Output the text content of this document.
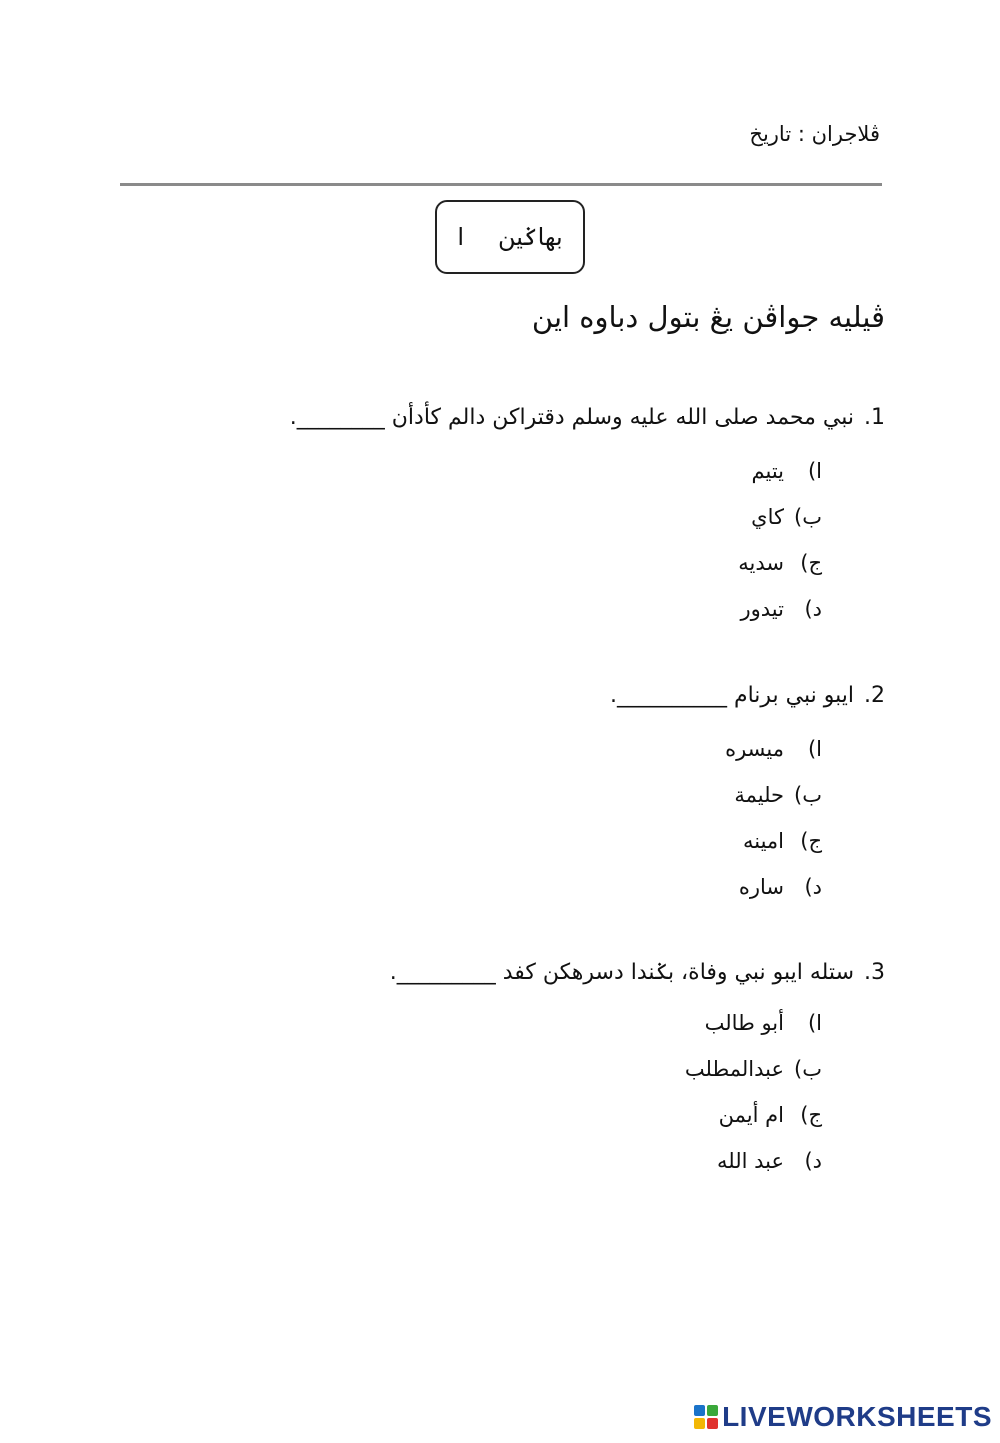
ڤلاجران : تاريخ
بهاݢين
ا
ڤيليه جواڤن يڠ بتول دباوه اين
1.نبي محمد صلى الله عليه وسلم دقتراكن دالم كأدأن ________.
ا)
يتيم
ب)
كاي
ج)
سديه
د)
تيدور
2.ايبو نبي برنام __________.
ا)
ميسره
ب)
حليمة
ج)
امينه
د)
ساره
3.ستله ايبو نبي وفاة، بݢندا دسرهكن كفد _________.
ا)
أبو طالب
ب)
عبدالمطلب
ج)
ام أيمن
د)
عبد الله
LIVEWORKSHEETS
